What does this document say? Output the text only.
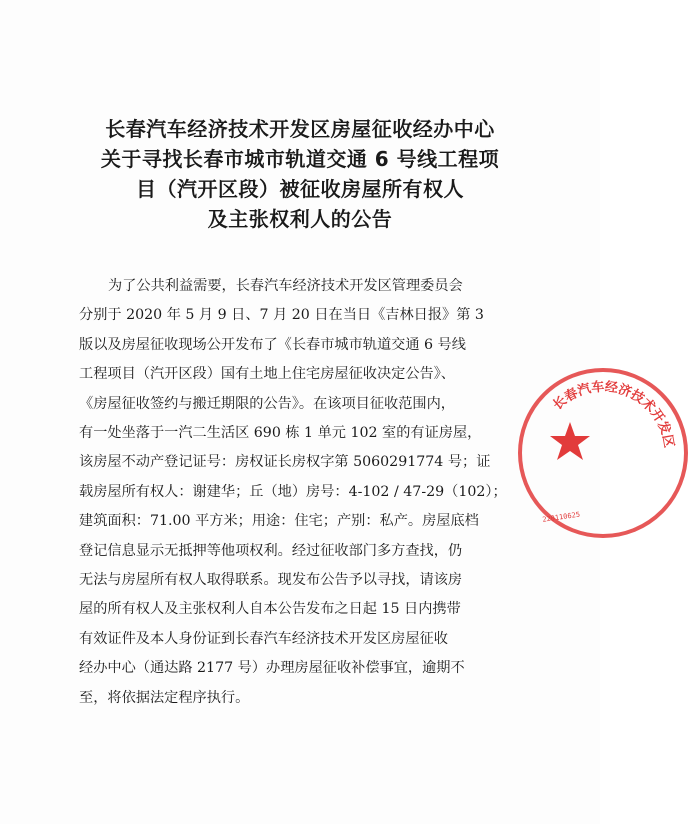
长春汽车经济技术开发区房屋征收经办中心
关于寻找长春市城市轨道交通 6 号线工程项
目（汽开区段）被征收房屋所有权人
及主张权利人的公告
为了公共利益需要，长春汽车经济技术开发区管理委员会
分别于 2020 年 5 月 9 日、7 月 20 日在当日《吉林日报》第 3
版以及房屋征收现场公开发布了《长春市城市轨道交通 6 号线
工程项目（汽开区段）国有土地上住宅房屋征收决定公告》、
《房屋征收签约与搬迁期限的公告》。在该项目征收范围内，
有一处坐落于一汽二生活区 690 栋 1 单元 102 室的有证房屋，
该房屋不动产登记证号：房权证长房权字第 5060291774 号；证
载房屋所有权人：谢建华；丘（地）房号：4-102 / 47-29（102）；
建筑面积：71.00 平方米；用途：住宅；产别：私产。房屋底档
登记信息显示无抵押等他项权利。经过征收部门多方查找，仍
无法与房屋所有权人取得联系。现发布公告予以寻找，请该房
屋的所有权人及主张权利人自本公告发布之日起 15 日内携带
有效证件及本人身份证到长春汽车经济技术开发区房屋征收
经办中心（通达路 2177 号）办理房屋征收补偿事宜，逾期不
至，将依据法定程序执行。
长春汽车经济技术开发区
220110625
